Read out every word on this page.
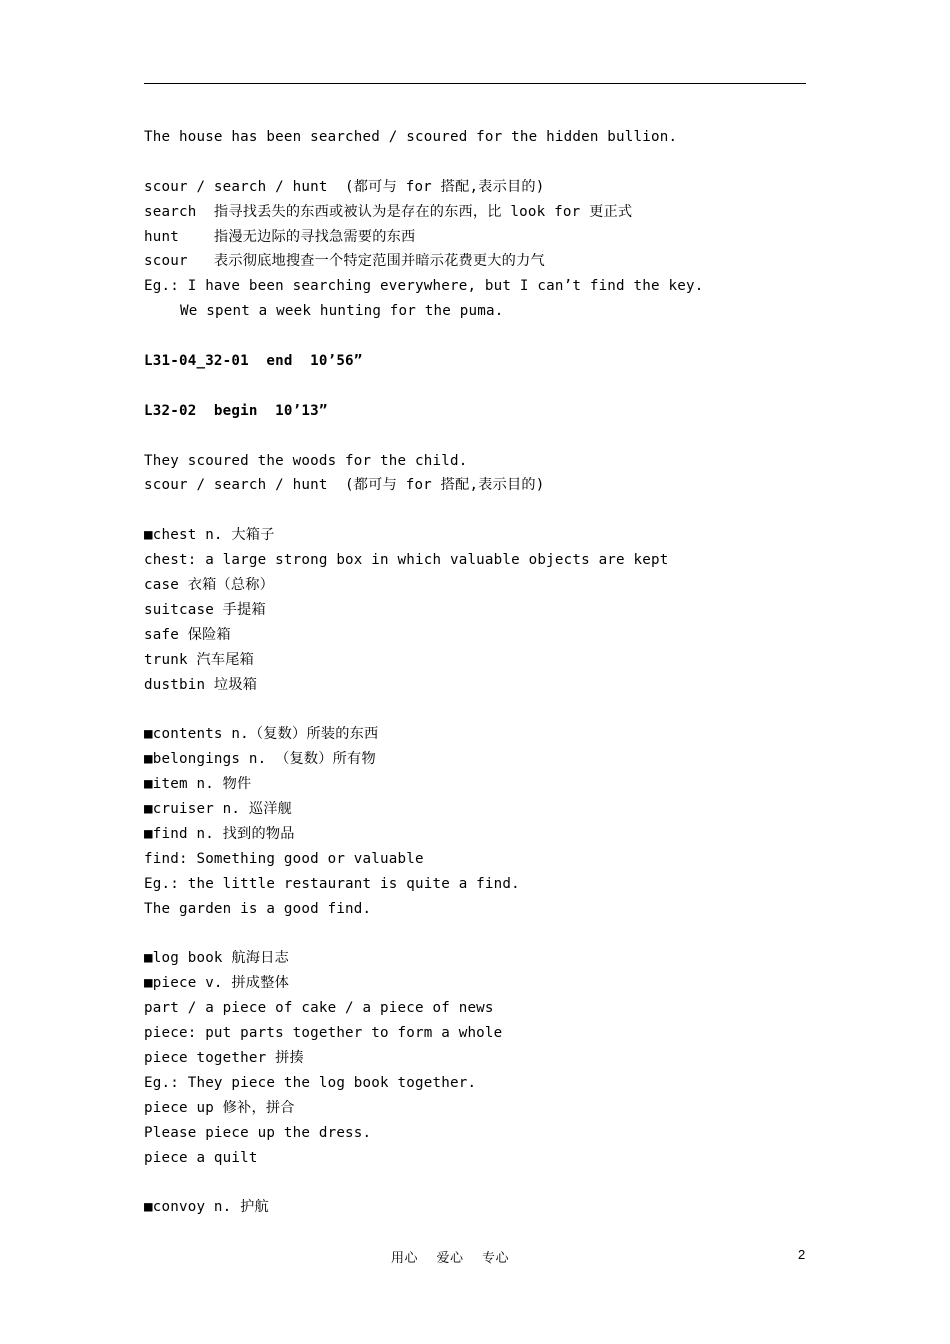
The house has been searched / scoured for the hidden bullion.
scour / search / hunt  (都可与 for 搭配,表示目的)
search  指寻找丢失的东西或被认为是存在的东西，比 look for 更正式
hunt    指漫无边际的寻找急需要的东西
scour   表示彻底地搜查一个特定范围并暗示花费更大的力气
Eg.: I have been searching everywhere, but I can’t find the key.
We spent a week hunting for the puma.
L31-04_32-01  end  10’56”
L32-02  begin  10’13”
They scoured the woods for the child.
scour / search / hunt  (都可与 for 搭配,表示目的)
■chest n. 大箱子
chest: a large strong box in which valuable objects are kept
case 衣箱（总称）
suitcase 手提箱
safe 保险箱
trunk 汽车尾箱
dustbin 垃圾箱
■contents n.（复数）所装的东西
■belongings n. （复数）所有物
■item n. 物件
■cruiser n. 巡洋舰
■find n. 找到的物品
find: Something good or valuable
Eg.: the little restaurant is quite a find.
The garden is a good find.
■log book 航海日志
■piece v. 拼成整体
part / a piece of cake / a piece of news
piece: put parts together to form a whole
piece together 拼揍
Eg.: They piece the log book together.
piece up 修补，拼合
Please piece up the dress.
piece a quilt
■convoy n. 护航
用心    爱心    专心	2
